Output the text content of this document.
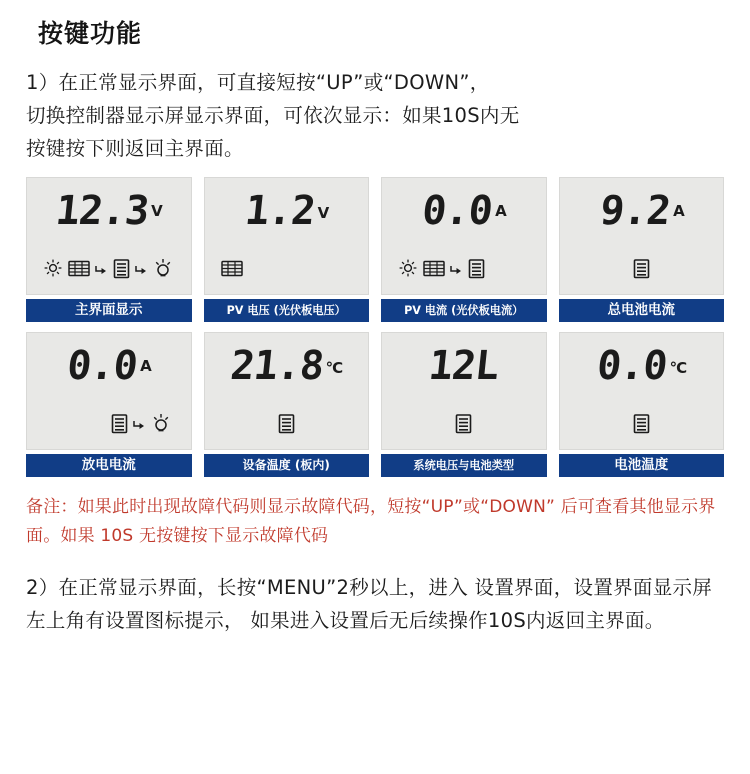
按键功能
1）在正常显示界面，可直接短按“UP”或“DOWN”，
切换控制器显示屏显示界面，可依次显示：如果10S内无
按键按下则返回主界面。
12.3 V
主界面显示
1.2 V
PV 电压 (光伏板电压）
0.0 A
PV 电流 (光伏板电流）
9.2 A
总电池电流
0.0 A
放电电流
21.8 °C
设备温度 (板内)
12L
系统电压与电池类型
0.0 °C
电池温度
备注：如果此时出现故障代码则显示故障代码，短按“UP”或“DOWN” 后可查看其他显示界面。如果 10S 无按键按下显示故障代码
2）在正常显示界面，长按“MENU”2秒以上，进入 设置界面，设置界面显示屏左上角有设置图标提示， 如果进入设置后无后续操作10S内返回主界面。
